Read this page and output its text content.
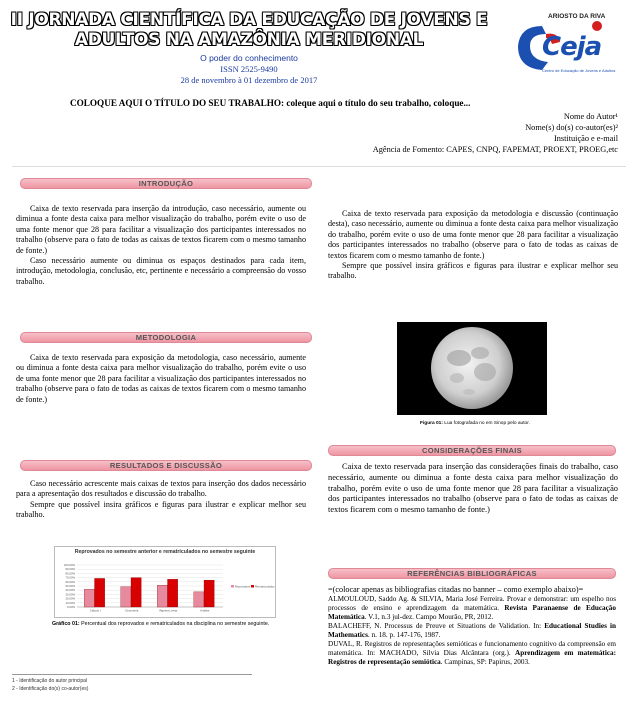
II JORNADA CIENTÍFICA DA EDUCAÇÃO DE JOVENS E
ADULTOS NA AMAZÔNIA MERIDIONAL
O poder do conhecimento
ISSN 2525-9490
28 de novembro à 01 dezembro de 2017
ARIOSTO DA RIVA
Ceja
Centro de Educação de Jovens e Adultos
COLOQUE AQUI O TÍTULO DO SEU TRABALHO: coleque aqui o título do seu trabalho, coloque...
Nome do Autor¹
Nome(s) do(s) co-autor(es)²
Instituição e e-mail
Agência de Fomento: CAPES, CNPQ, FAPEMAT, PROEXT, PROEG,etc
INTRODUÇÃO
Caixa de texto reservada para inserção da introdução, caso necessário, aumente ou diminua a fonte desta caixa para melhor visualização do trabalho, porém evite o uso de uma fonte menor que 28 para facilitar a visualização dos participantes interessados no trabalho (observe para o fato de todas as caixas de textos ficarem com o mesmo tamanho de fonte.)
Caso necessário aumente ou diminua os espaços destinados para cada item, introdução, metodologia, conclusão, etc, pertinente e necessário a compreensão do vosso trabalho.
Caixa de texto reservada para exposição da metodologia e discussão (continuação desta), caso necessário, aumente ou diminua a fonte desta caixa para melhor visualização do trabalho, porém evite o uso de uma fonte menor que 28 para facilitar a visualização dos participantes interessados no trabalho (observe para o fato de todas as caixas de textos ficarem com o mesmo tamanho de fonte.)
Sempre que possível insira gráficos e figuras para ilustrar e explicar melhor seu trabalho.
METODOLOGIA
Caixa de texto reservada para exposição da metodologia, caso necessário, aumente ou diminua a fonte desta caixa para melhor visualização do trabalho, porém evite o uso de uma fonte menor que 28 para facilitar a visualização dos participantes interessados no trabalho (observe para o fato de todas as caixas de textos ficarem com o mesmo tamanho de fonte.)
Figura 01: Lua fotografada no em Sinop pelo autor.
CONSIDERAÇÕES FINAIS
Caixa de texto reservada para inserção das considerações finais do trabalho, caso necessário, aumente ou diminua a fonte desta caixa para melhor visualização do trabalho, porém evite o uso de uma fonte menor que 28 para facilitar a visualização dos participantes interessados no trabalho (observe para o fato de todas as caixas de textos ficarem com o mesmo tamanho de fonte.)
RESULTADOS E DISCUSSÃO
Caso necessário acrescente mais caixas de textos para inserção dos dados necessário para a apresentação dos resultados e discussão do trabalho.
Sempre que possível insira gráficos e figuras para ilustrar e explicar melhor seu trabalho.
Reprovados no semestre anterior e rematriculados no semestre seguinte
0,00%
10,00%
20,00%
30,00%
40,00%
50,00%
60,00%
70,00%
80,00%
90,00%
100,00%
Cálculo I	Geometria	Álgebra Linear	Análise
Reprovados Rematriculados
Gráfico 01: Percentual dos reprovados e rematriculados na disciplina no semestre seguinte.
REFERÊNCIAS BIBLIOGRÁFICAS
=(colocar apenas as bibliografias citadas no banner – como exemplo abaixo)=
ALMOULOUD, Saddo Ag. & SILVIA, Maria José Ferreira. Provar e demonstrar: um espelho nos processos de ensino e aprendizagem da matemática. Revista Paranaense de Educação Matemática. V.1, n.3 jul-dez. Campo Mourão, PR, 2012.
BALACHEFF, N. Processus de Preuve et Situations de Validation. In: Educational Studies in Mathematics. n. 18. p. 147-176, 1987.
DUVAL, R. Registros de representações semióticas e funcionamento cognitivo da compreensão em matemática. In: MACHADO, Silvia Dias Alcântara (org.). Aprendizagem em matemática: Registros de representação semiótica. Campinas, SP: Papirus, 2003.
1 - Identificação do autor principal
2 - Identificação do(s) co-autor(es)
